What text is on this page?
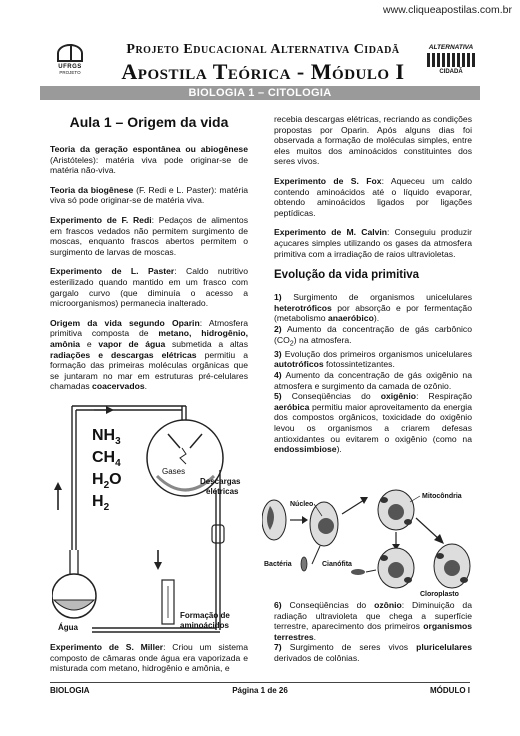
www.cliqueapostilas.com.br
UFRGS
PROJETO
Projeto Educacional Alternativa Cidadã
Apostila Teórica - Módulo I
ALTERNATIVA
CIDADÃ
BIOLOGIA 1 – CITOLOGIA
Aula 1 – Origem da vida

Teoria da geração espontânea ou abiogênese (Aristóteles): matéria viva pode originar-se de matéria não-viva.

Teoria da biogênese (F. Redi e L. Paster): matéria viva só pode originar-se de matéria viva.

Experimento de F. Redi: Pedaços de alimentos em frascos vedados não permitem surgimento de moscas, enquanto frascos abertos permitem o surgimento de larvas de moscas.

Experimento de L. Paster: Caldo nutritivo esterilizado quando mantido em um frasco com gargalo curvo (que diminuía o acesso a microorganismos) permanecia inalterado.

Origem da vida segundo Oparin: Atmosfera primitiva composta de metano, hidrogênio, amônia e vapor de água submetida a altas radiações e descargas elétricas permitiu a formação das primeiras moléculas orgânicas que se juntaram no mar em estruturas pré-celulares chamadas coacervados.

$NH_3$
$CH_4$
$H_2O$
$H_2$
Gases
Descargas
elétricas
Água
Formação de
aminoácidos

Experimento de S. Miller: Criou um sistema composto de câmaras onde água era vaporizada e misturada com metano, hidrogênio e amônia, e

recebia descargas elétricas, recriando as condições propostas por Oparin. Após alguns dias foi observada a formação de moléculas simples, entre eles muitos dos aminoácidos constituintes dos seres vivos.

Experimento de S. Fox: Aqueceu um caldo contendo aminoácidos até o líquido evaporar, obtendo aminoácidos ligados por ligações peptídicas.

Experimento de M. Calvin: Conseguiu produzir açucares simples utilizando os gases da atmosfera primitiva com a irradiação de raios ultravioletas.

Evolução da vida primitiva

1) Surgimento de organismos unicelulares heterotróficos por absorção e por fermentação (metabolismo anaeróbico).

2) Aumento da concentração de gás carbônico $(CO_2)$ na atmosfera.

3) Evolução dos primeiros organismos unicelulares autotróficos fotossintetizantes.

4) Aumento da concentração de gás oxigênio na atmosfera e surgimento da camada de ozônio.

5) Conseqüências do oxigênio: Respiração aeróbica permitiu maior aproveitamento da energia dos compostos orgânicos, toxicidade do oxigênio levou os organismos a criarem defesas antioxidantes ou evitarem o oxigênio (como na endossimbiose).

Núcleo
Mitocôndria
Bactéria	Cianófita
Cloroplasto

6) Conseqüências do ozônio: Diminuição da radiação ultravioleta que chega a superfície terrestre, aparecimento dos primeiros organismos terrestres.

7) Surgimento de seres vivos pluricelulares derivados de colônias.

Página 1 de 26
BIOLOGIA	MÓDULO I
